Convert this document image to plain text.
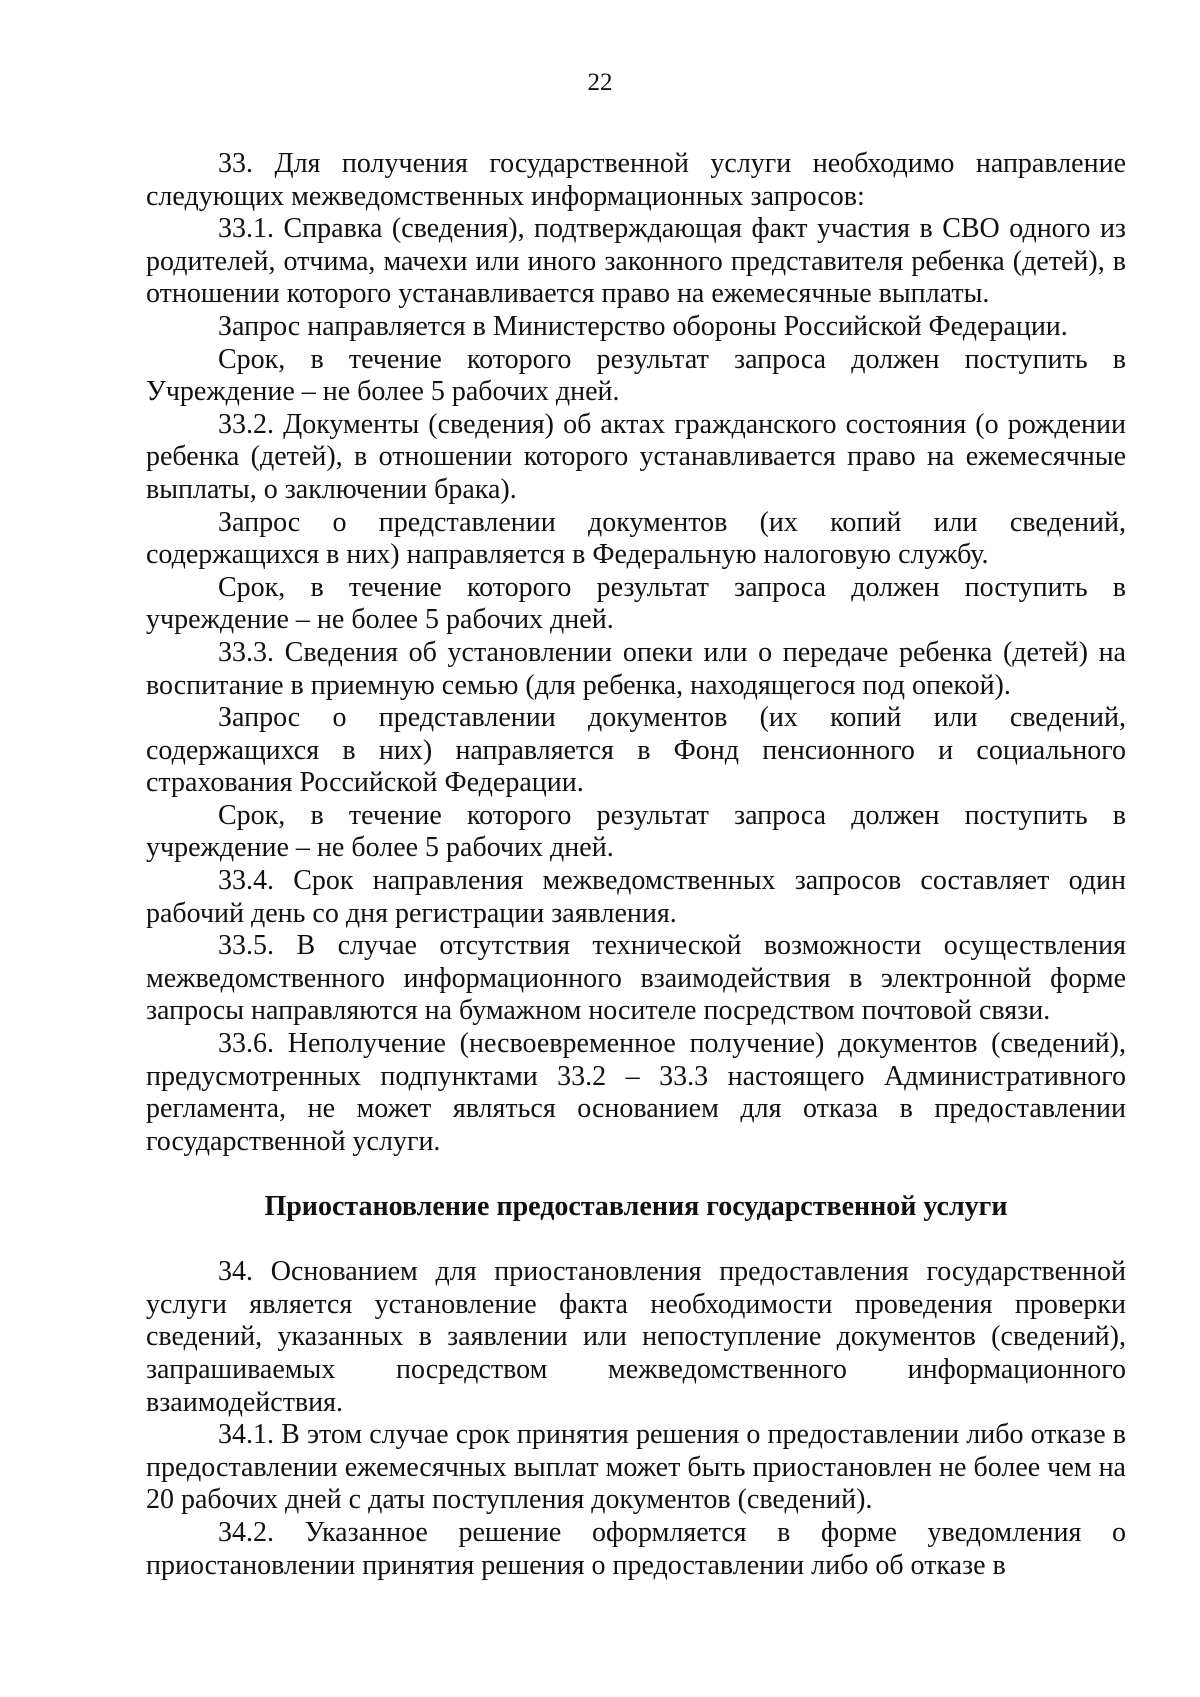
22

33. Для получения государственной услуги необходимо направление следующих межведомственных информационных запросов:

33.1. Справка (сведения), подтверждающая факт участия в СВО одного из родителей, отчима, мачехи или иного законного представителя ребенка (детей), в отношении которого устанавливается право на ежемесячные выплаты.

Запрос направляется в Министерство обороны Российской Федерации.

Срок, в течение которого результат запроса должен поступить в Учреждение – не более 5 рабочих дней.

33.2. Документы (сведения) об актах гражданского состояния (о рождении ребенка (детей), в отношении которого устанавливается право на ежемесячные выплаты, о заключении брака).

Запрос о представлении документов (их копий или сведений, содержащихся в них) направляется в Федеральную налоговую службу.

Срок, в течение которого результат запроса должен поступить в учреждение – не более 5 рабочих дней.

33.3. Сведения об установлении опеки или о передаче ребенка (детей) на воспитание в приемную семью (для ребенка, находящегося под опекой).

Запрос о представлении документов (их копий или сведений, содержащихся в них) направляется в Фонд пенсионного и социального страхования Российской Федерации.

Срок, в течение которого результат запроса должен поступить в учреждение – не более 5 рабочих дней.

33.4. Срок направления межведомственных запросов составляет один рабочий день со дня регистрации заявления.

33.5. В случае отсутствия технической возможности осуществления межведомственного информационного взаимодействия в электронной форме запросы направляются на бумажном носителе посредством почтовой связи.

33.6. Неполучение (несвоевременное получение) документов (сведений), предусмотренных подпунктами 33.2 – 33.3 настоящего Административного регламента, не может являться основанием для отказа в предоставлении государственной услуги.

Приостановление предоставления государственной услуги

34. Основанием для приостановления предоставления государственной услуги является установление факта необходимости проведения проверки сведений, указанных в заявлении или непоступление документов (сведений), запрашиваемых посредством межведомственного информационного взаимодействия.

34.1. В этом случае срок принятия решения о предоставлении либо отказе в предоставлении ежемесячных выплат может быть приостановлен не более чем на 20 рабочих дней с даты поступления документов (сведений).

34.2. Указанное решение оформляется в форме уведомления о приостановлении принятия решения о предоставлении либо об отказе в
